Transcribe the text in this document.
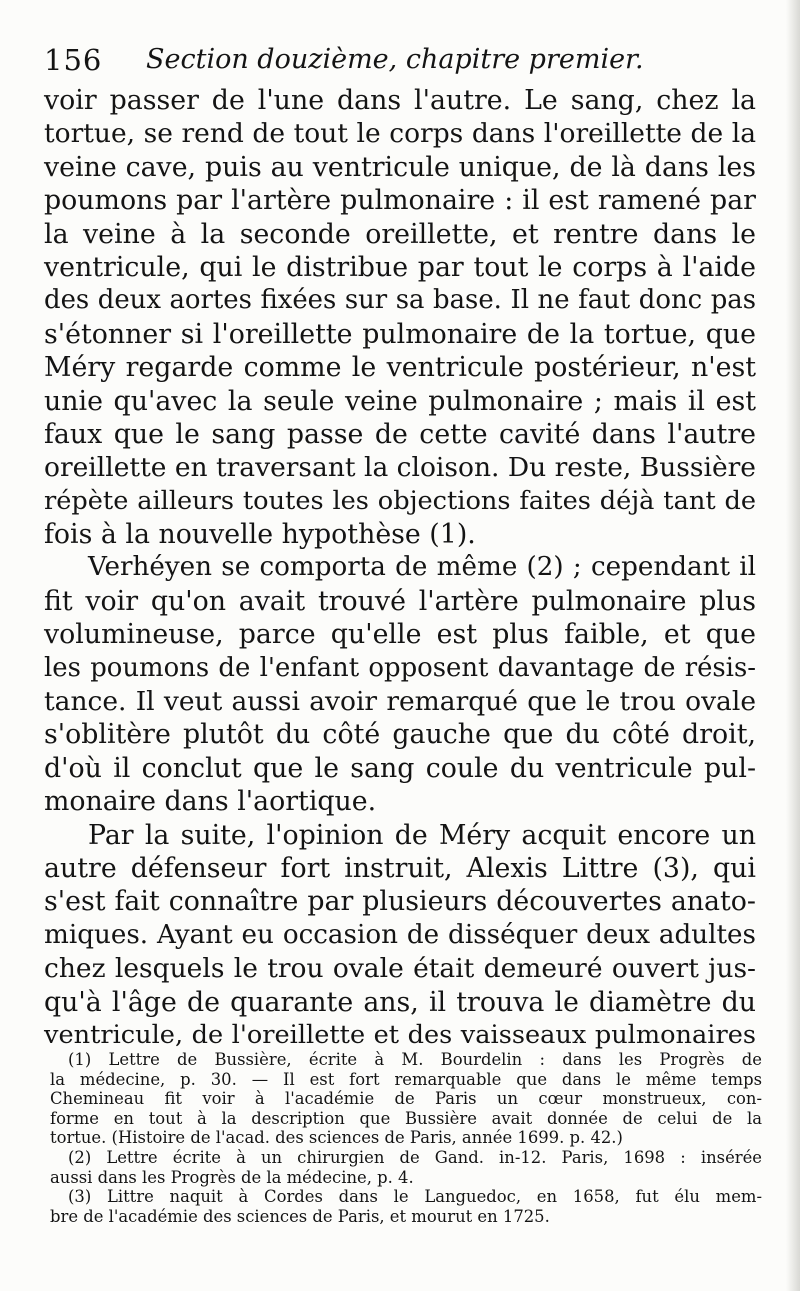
156 Section douzième, chapitre premier.
voir passer de l'une dans l'autre. Le sang, chez la
tortue, se rend de tout le corps dans l'oreillette de la
veine cave, puis au ventricule unique, de là dans les
poumons par l'artère pulmonaire : il est ramené par
la veine à la seconde oreillette, et rentre dans le
ventricule, qui le distribue par tout le corps à l'aide
des deux aortes fixées sur sa base. Il ne faut donc pas
s'étonner si l'oreillette pulmonaire de la tortue, que
Méry regarde comme le ventricule postérieur, n'est
unie qu'avec la seule veine pulmonaire ; mais il est
faux que le sang passe de cette cavité dans l'autre
oreillette en traversant la cloison. Du reste, Bussière
répète ailleurs toutes les objections faites déjà tant de
fois à la nouvelle hypothèse (1).
Verhéyen se comporta de même (2) ; cependant il
fit voir qu'on avait trouvé l'artère pulmonaire plus
volumineuse, parce qu'elle est plus faible, et que
les poumons de l'enfant opposent davantage de résis-
tance. Il veut aussi avoir remarqué que le trou ovale
s'oblitère plutôt du côté gauche que du côté droit,
d'où il conclut que le sang coule du ventricule pul-
monaire dans l'aortique.
Par la suite, l'opinion de Méry acquit encore un
autre défenseur fort instruit, Alexis Littre (3), qui
s'est fait connaître par plusieurs découvertes anato-
miques. Ayant eu occasion de disséquer deux adultes
chez lesquels le trou ovale était demeuré ouvert jus-
qu'à l'âge de quarante ans, il trouva le diamètre du
ventricule, de l'oreillette et des vaisseaux pulmonaires
(1) Lettre de Bussière, écrite à M. Bourdelin : dans les Progrès de
la médecine, p. 30. — Il est fort remarquable que dans le même temps
Chemineau fit voir à l'académie de Paris un cœur monstrueux, con-
forme en tout à la description que Bussière avait donnée de celui de la
tortue. (Histoire de l'acad. des sciences de Paris, année 1699. p. 42.)
(2) Lettre écrite à un chirurgien de Gand. in-12. Paris, 1698 : insérée
aussi dans les Progrès de la médecine, p. 4.
(3) Littre naquit à Cordes dans le Languedoc, en 1658, fut élu mem-
bre de l'académie des sciences de Paris, et mourut en 1725.
